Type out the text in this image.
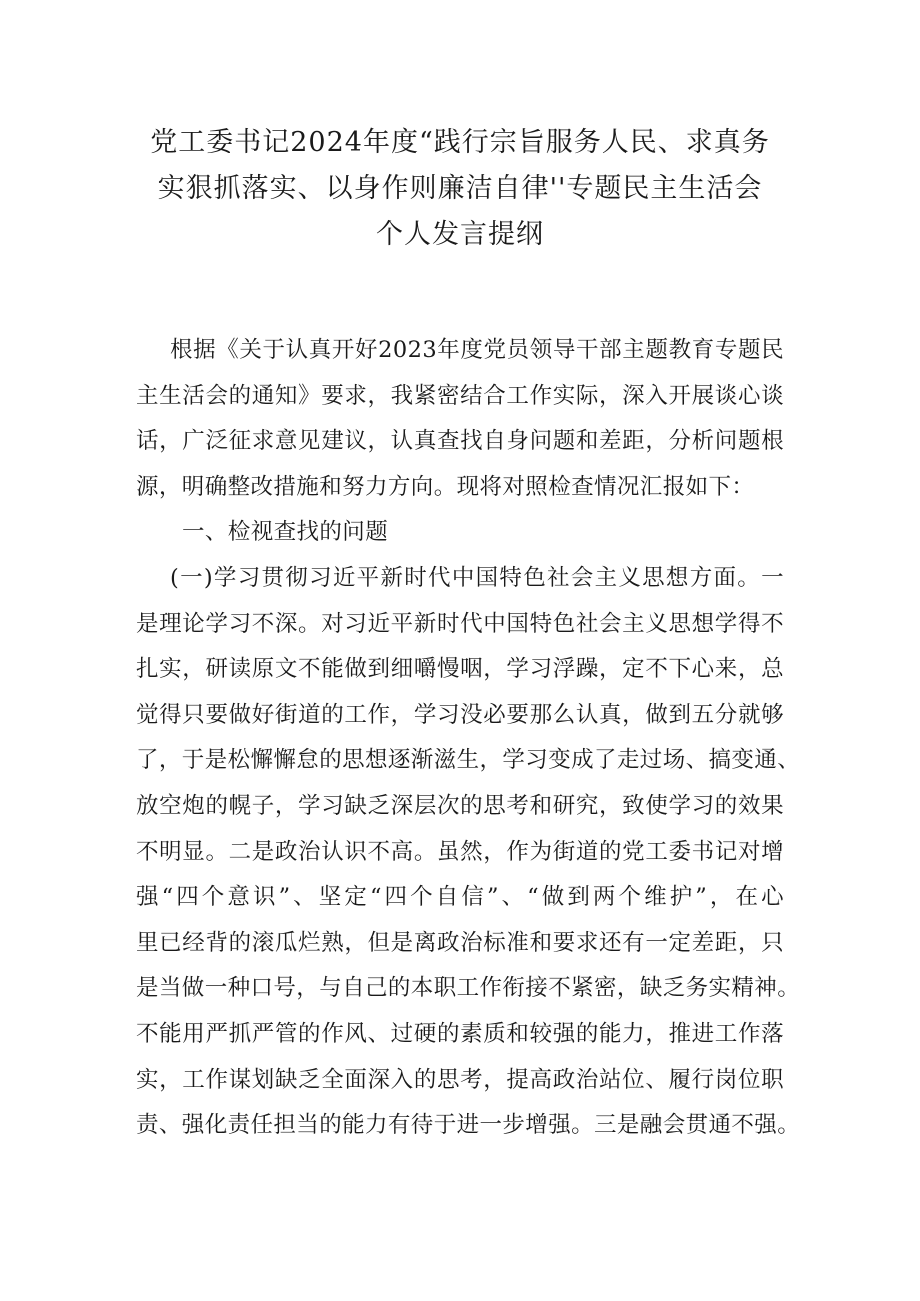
党工委书记2024年度“践行宗旨服务人民、求真务
实狠抓落实、以身作则廉洁自律''专题民主生活会
个人发言提纲
根据《关于认真开好2023年度党员领导干部主题教育专题民
主生活会的通知》要求，我紧密结合工作实际，深入开展谈心谈
话，广泛征求意见建议，认真查找自身问题和差距，分析问题根
源，明确整改措施和努力方向。现将对照检查情况汇报如下：
一、检视查找的问题
(一)学习贯彻习近平新时代中国特色社会主义思想方面。一
是理论学习不深。对习近平新时代中国特色社会主义思想学得不
扎实，研读原文不能做到细嚼慢咽，学习浮躁，定不下心来，总
觉得只要做好街道的工作，学习没必要那么认真，做到五分就够
了，于是松懈懈怠的思想逐渐滋生，学习变成了走过场、搞变通、
放空炮的幌子，学习缺乏深层次的思考和研究，致使学习的效果
不明显。二是政治认识不高。虽然，作为街道的党工委书记对增
强“四个意识”、坚定“四个自信”、“做到两个维护”，在心
里已经背的滚瓜烂熟，但是离政治标准和要求还有一定差距，只
是当做一种口号，与自己的本职工作衔接不紧密，缺乏务实精神。
不能用严抓严管的作风、过硬的素质和较强的能力，推进工作落
实，工作谋划缺乏全面深入的思考，提高政治站位、履行岗位职
责、强化责任担当的能力有待于进一步增强。三是融会贯通不强。
